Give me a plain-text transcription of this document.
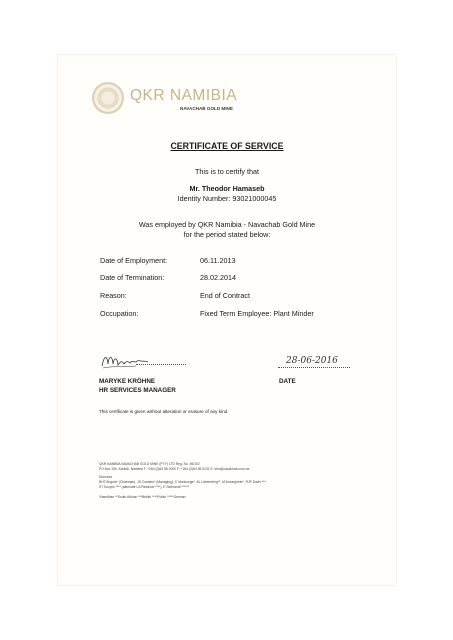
QKR NAMIBIA
NAVACHAB GOLD MINE
CERTIFICATE OF SERVICE
This is to certify that
Mr. Theodor Hamaseb
Identity Number: 93021000045
Was employed by QKR Namibia - Navachab Gold Mine
for the period stated below:
Date of Employment:	06.11.2013
Date of Termination:	28.02.2014
Reason:	End of Contract
Occupation:	Fixed Term Employee: Plant Minder
28-06-2016
MARYKE KRÖHNE
HR SERVICES MANAGER
DATE
This certificate is given without alteration or erasure of any kind.
QKR NAMIBIA NAVACHAB GOLD MINE (PTY) LTD Reg. No. 95/102
PO Box 150, Karibib, Namibia T: +264 (0)64 55 2000 F: +264 (0)64 55 0231 E: info@navachab.com.na
Directors
BHT Angula* (Chairman), JS Coetzee* (Managing), C Monkonge*, AL Liebenberg**, M Amunghete*, RJP Davis ***,
ST Kozyck **** (alternate LA Reddock ****), E Siebrandt ******
*Namibian **South African ***British ****Polish *****German
